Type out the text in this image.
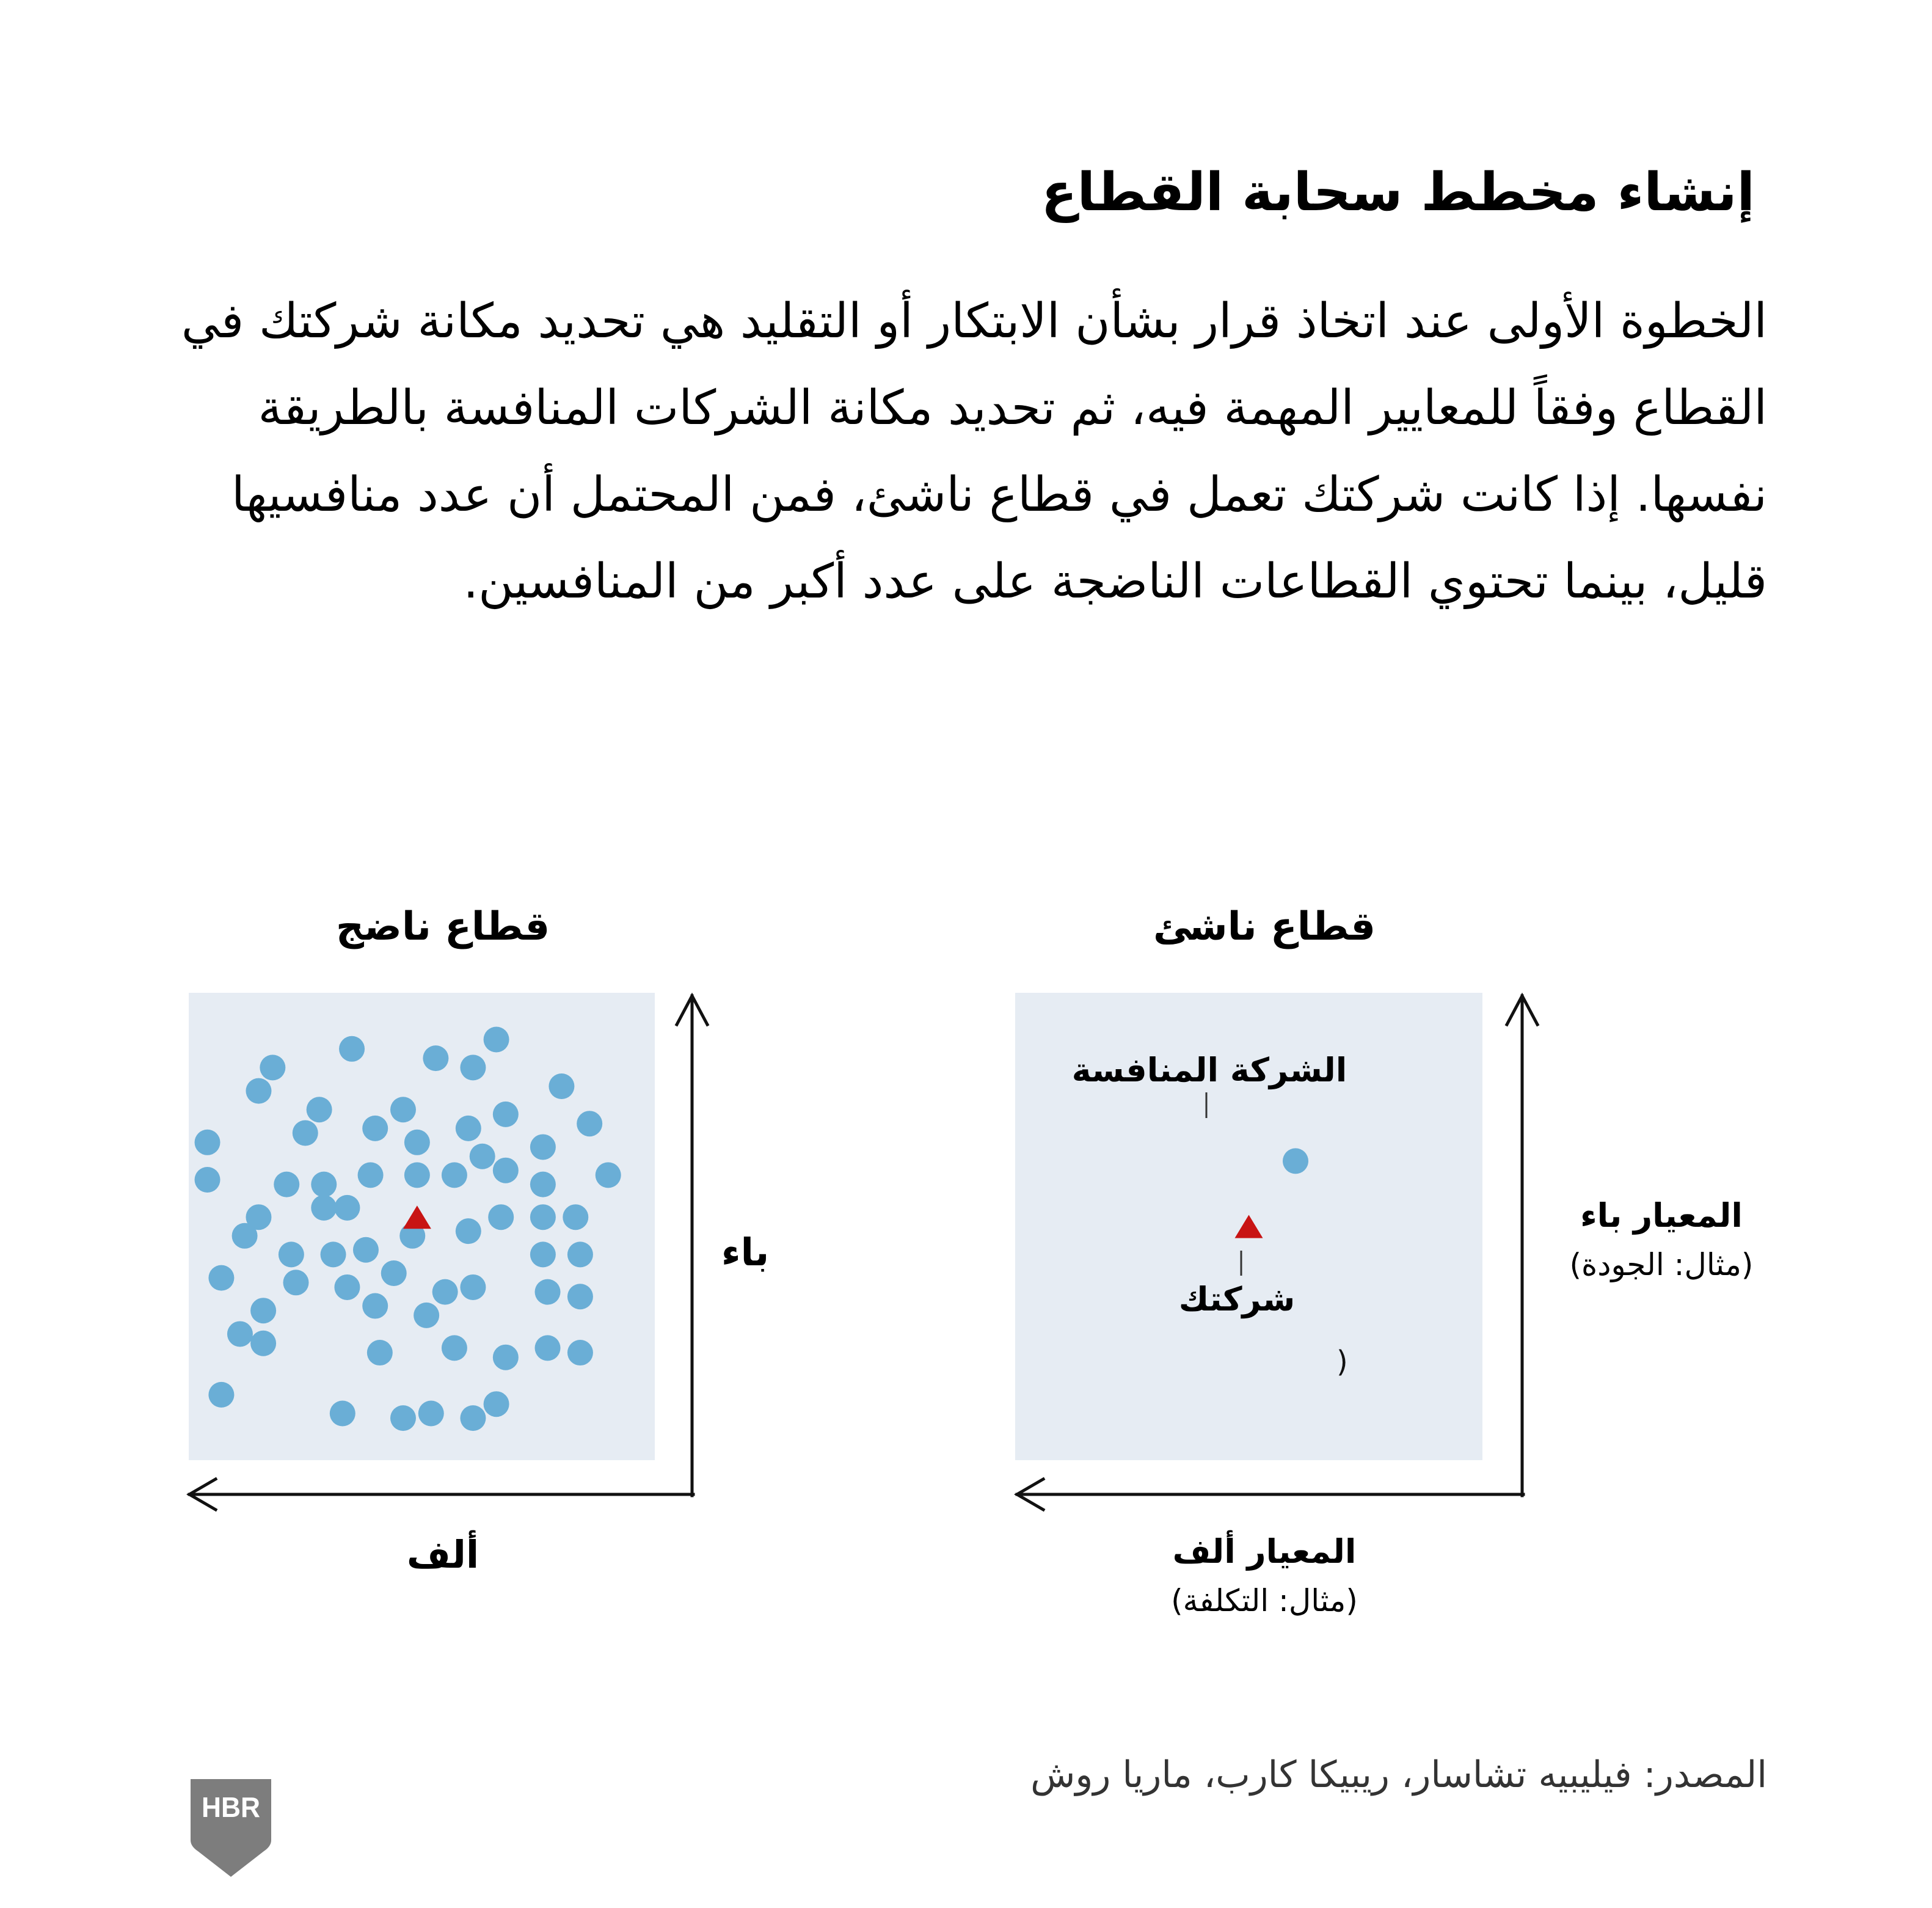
إنشاء مخطط سحابة القطاع
الخطوة الأولى عند اتخاذ قرار بشأن الابتكار أو التقليد هي تحديد مكانة شركتك في القطاع وفقاً للمعايير المهمة فيه، ثم تحديد مكانة الشركات المنافسة بالطريقة نفسها. إذا كانت شركتك تعمل في قطاع ناشئ، فمن المحتمل أن عدد منافسيها قليل، بينما تحتوي القطاعات الناضجة على عدد أكبر من المنافسين.
قطاع ناشئ
)
الشركة المنافسة
شركتك
المعيار باء
(مثال: الجودة)
المعيار ألف
(مثال: التكلفة)
قطاع ناضج
باء
ألف
المصدر: فيليبيه تشاسار، ريبيكا كارب، ماريا روش
HBR
